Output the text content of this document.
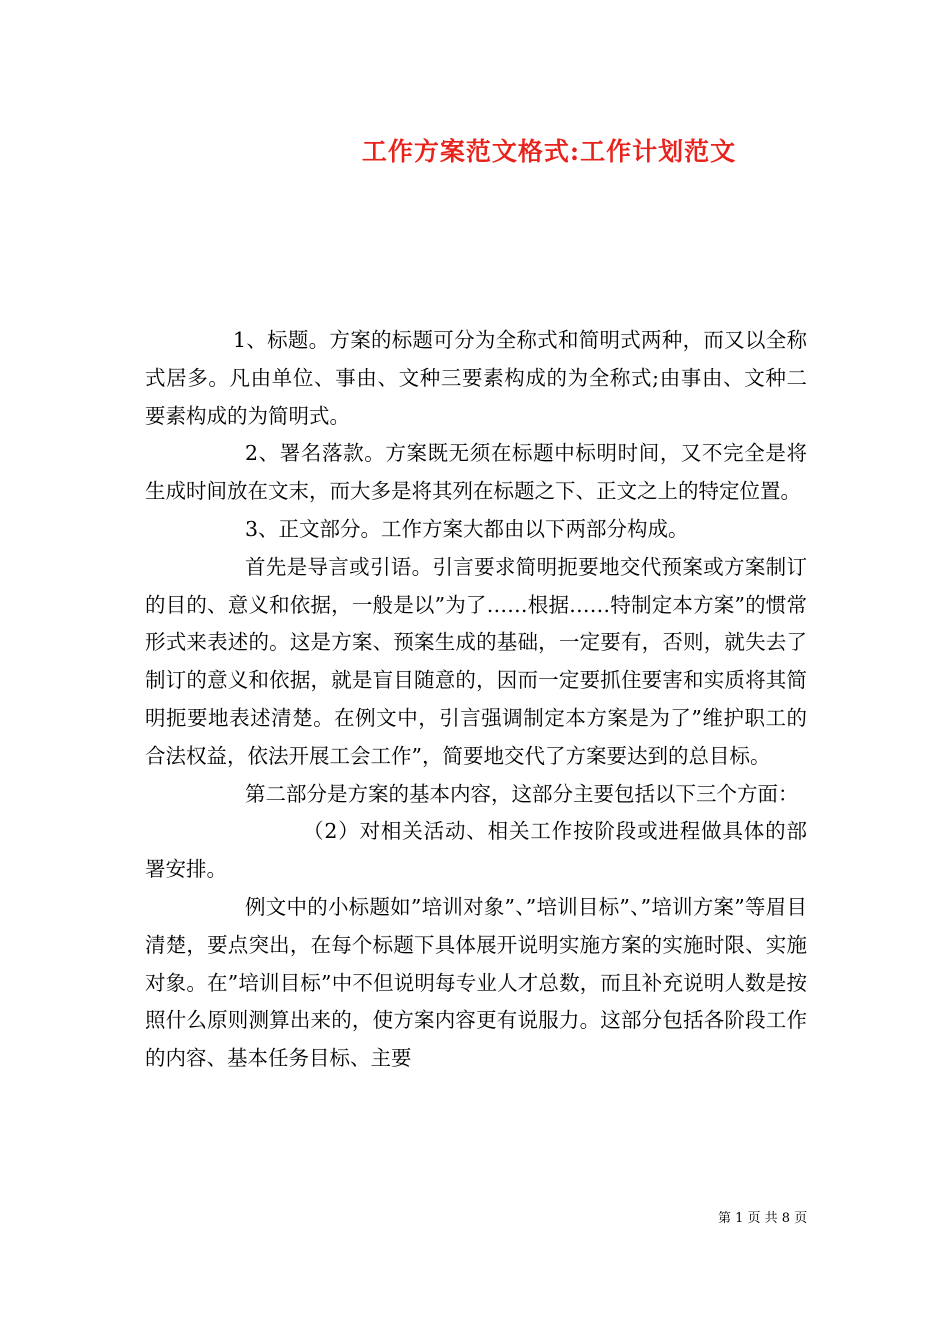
工作方案范文格式:工作计划范文

1、标题。方案的标题可分为全称式和简明式两种，而又以全称式居多。凡由单位、事由、文种三要素构成的为全称式;由事由、文种二要素构成的为简明式。

2、署名落款。方案既无须在标题中标明时间，又不完全是将生成时间放在文末，而大多是将其列在标题之下、正文之上的特定位置。

3、正文部分。工作方案大都由以下两部分构成。

首先是导言或引语。引言要求简明扼要地交代预案或方案制订的目的、意义和依据，一般是以”为了……根据……特制定本方案”的惯常形式来表述的。这是方案、预案生成的基础，一定要有，否则，就失去了制订的意义和依据，就是盲目随意的，因而一定要抓住要害和实质将其简明扼要地表述清楚。在例文中，引言强调制定本方案是为了”维护职工的合法权益，依法开展工会工作”，简要地交代了方案要达到的总目标。

第二部分是方案的基本内容，这部分主要包括以下三个方面：

（2）对相关活动、相关工作按阶段或进程做具体的部署安排。

例文中的小标题如”培训对象”、”培训目标”、”培训方案”等眉目清楚，要点突出，在每个标题下具体展开说明实施方案的实施时限、实施对象。在”培训目标”中不但说明每专业人才总数，而且补充说明人数是按照什么原则测算出来的，使方案内容更有说服力。这部分包括各阶段工作的内容、基本任务目标、主要

第 1 页 共 8 页
